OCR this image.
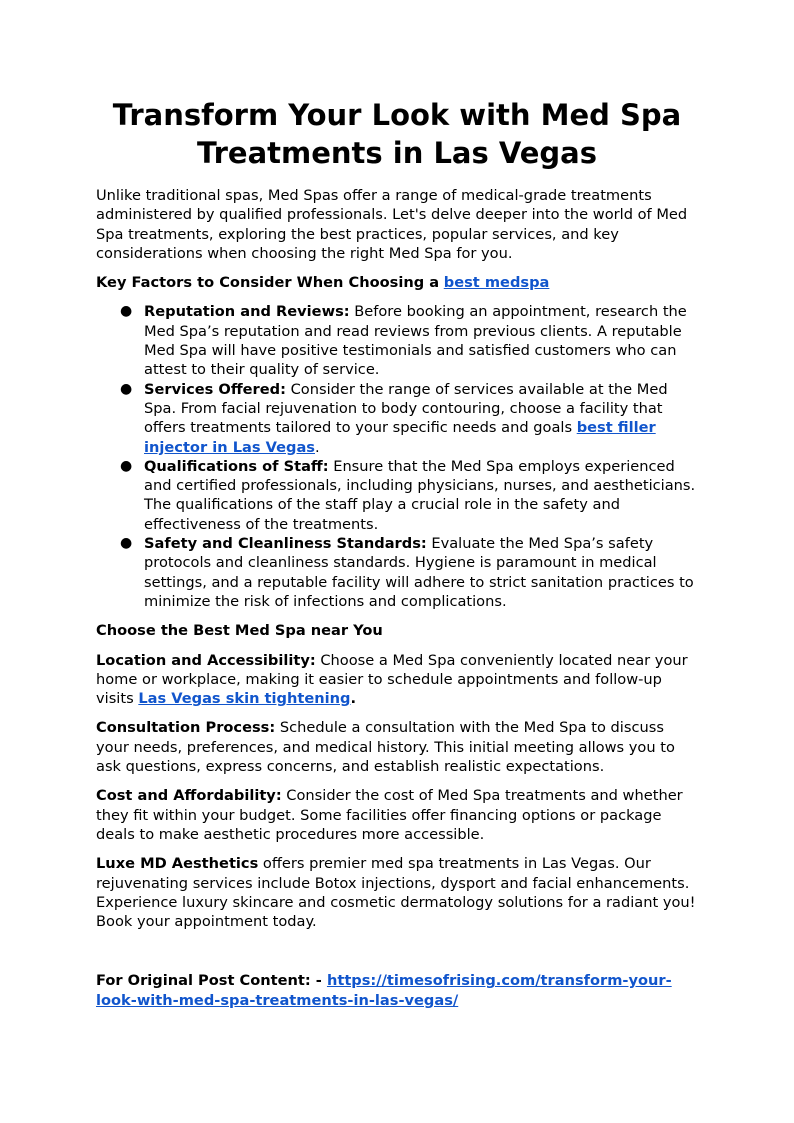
Transform Your Look with Med Spa Treatments in Las Vegas

Unlike traditional spas, Med Spas offer a range of medical-grade treatments administered by qualified professionals. Let's delve deeper into the world of Med Spa treatments, exploring the best practices, popular services, and key considerations when choosing the right Med Spa for you.

Key Factors to Consider When Choosing a best medspa

● Reputation and Reviews: Before booking an appointment, research the Med Spa’s reputation and read reviews from previous clients. A reputable Med Spa will have positive testimonials and satisfied customers who can attest to their quality of service.
● Services Offered: Consider the range of services available at the Med Spa. From facial rejuvenation to body contouring, choose a facility that offers treatments tailored to your specific needs and goals best filler injector in Las Vegas.
● Qualifications of Staff: Ensure that the Med Spa employs experienced and certified professionals, including physicians, nurses, and aestheticians. The qualifications of the staff play a crucial role in the safety and effectiveness of the treatments.
● Safety and Cleanliness Standards: Evaluate the Med Spa’s safety protocols and cleanliness standards. Hygiene is paramount in medical settings, and a reputable facility will adhere to strict sanitation practices to minimize the risk of infections and complications.

Choose the Best Med Spa near You

Location and Accessibility: Choose a Med Spa conveniently located near your home or workplace, making it easier to schedule appointments and follow-up visits Las Vegas skin tightening.

Consultation Process: Schedule a consultation with the Med Spa to discuss your needs, preferences, and medical history. This initial meeting allows you to ask questions, express concerns, and establish realistic expectations.

Cost and Affordability: Consider the cost of Med Spa treatments and whether they fit within your budget. Some facilities offer financing options or package deals to make aesthetic procedures more accessible.

Luxe MD Aesthetics offers premier med spa treatments in Las Vegas. Our rejuvenating services include Botox injections, dysport and facial enhancements. Experience luxury skincare and cosmetic dermatology solutions for a radiant you! Book your appointment today.

For Original Post Content: - https://timesofrising.com/transform-your-look-with-med-spa-treatments-in-las-vegas/
